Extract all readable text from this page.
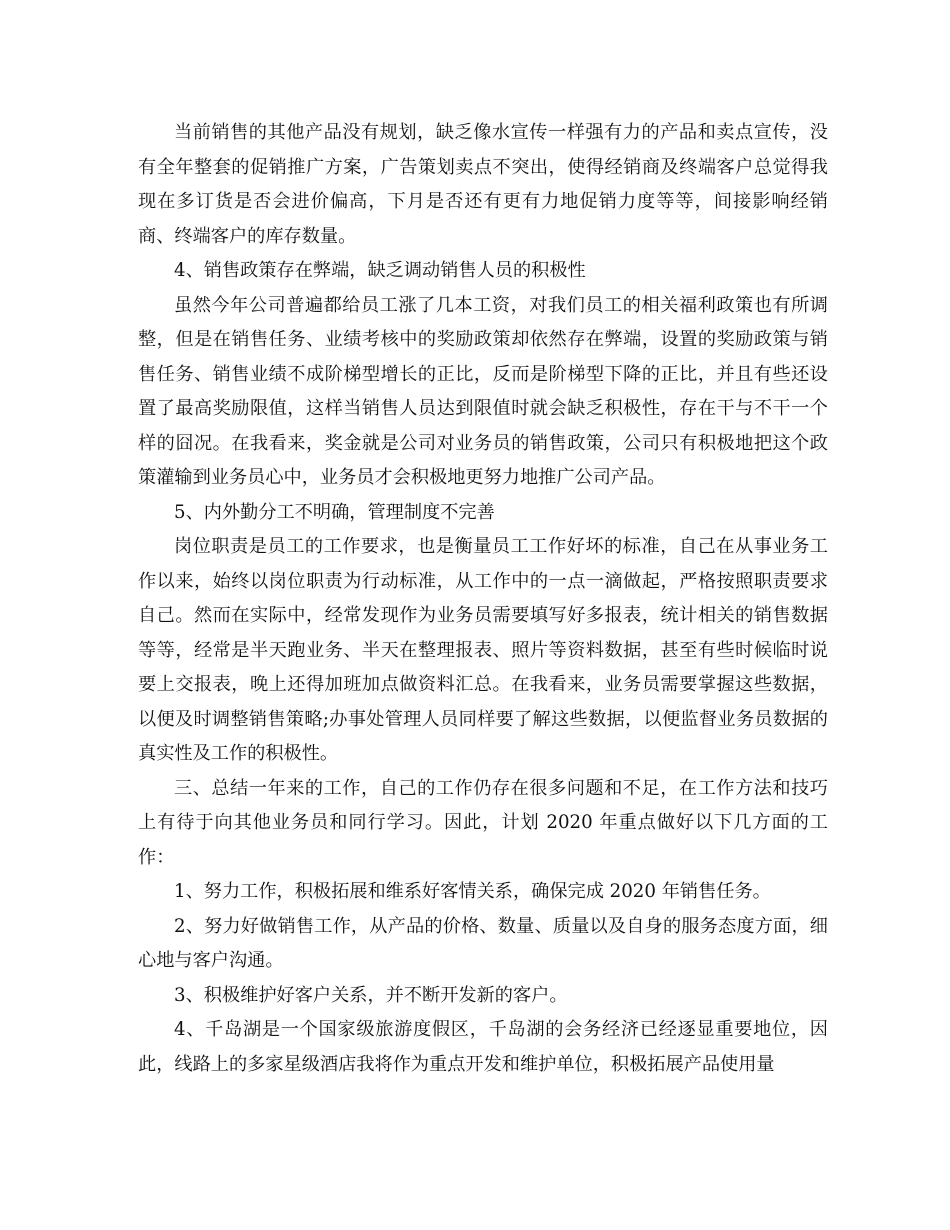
当前销售的其他产品没有规划，缺乏像水宣传一样强有力的产品和卖点宣传，没有全年整套的促销推广方案，广告策划卖点不突出，使得经销商及终端客户总觉得我现在多订货是否会进价偏高，下月是否还有更有力地促销力度等等，间接影响经销商、终端客户的库存数量。

4、销售政策存在弊端，缺乏调动销售人员的积极性

虽然今年公司普遍都给员工涨了几本工资，对我们员工的相关福利政策也有所调整，但是在销售任务、业绩考核中的奖励政策却依然存在弊端，设置的奖励政策与销售任务、销售业绩不成阶梯型增长的正比，反而是阶梯型下降的正比，并且有些还设置了最高奖励限值，这样当销售人员达到限值时就会缺乏积极性，存在干与不干一个样的囧况。在我看来，奖金就是公司对业务员的销售政策，公司只有积极地把这个政策灌输到业务员心中，业务员才会积极地更努力地推广公司产品。

5、内外勤分工不明确，管理制度不完善

岗位职责是员工的工作要求，也是衡量员工工作好坏的标准，自己在从事业务工作以来，始终以岗位职责为行动标准，从工作中的一点一滴做起，严格按照职责要求自己。然而在实际中，经常发现作为业务员需要填写好多报表，统计相关的销售数据等等，经常是半天跑业务、半天在整理报表、照片等资料数据，甚至有些时候临时说要上交报表，晚上还得加班加点做资料汇总。在我看来，业务员需要掌握这些数据，以便及时调整销售策略;办事处管理人员同样要了解这些数据，以便监督业务员数据的真实性及工作的积极性。

三、总结一年来的工作，自己的工作仍存在很多问题和不足，在工作方法和技巧上有待于向其他业务员和同行学习。因此，计划 2020 年重点做好以下几方面的工作：

1、努力工作，积极拓展和维系好客情关系，确保完成 2020 年销售任务。

2、努力好做销售工作，从产品的价格、数量、质量以及自身的服务态度方面，细心地与客户沟通。

3、积极维护好客户关系，并不断开发新的客户。

4、千岛湖是一个国家级旅游度假区，千岛湖的会务经济已经逐显重要地位，因此，线路上的多家星级酒店我将作为重点开发和维护单位，积极拓展产品使用量
